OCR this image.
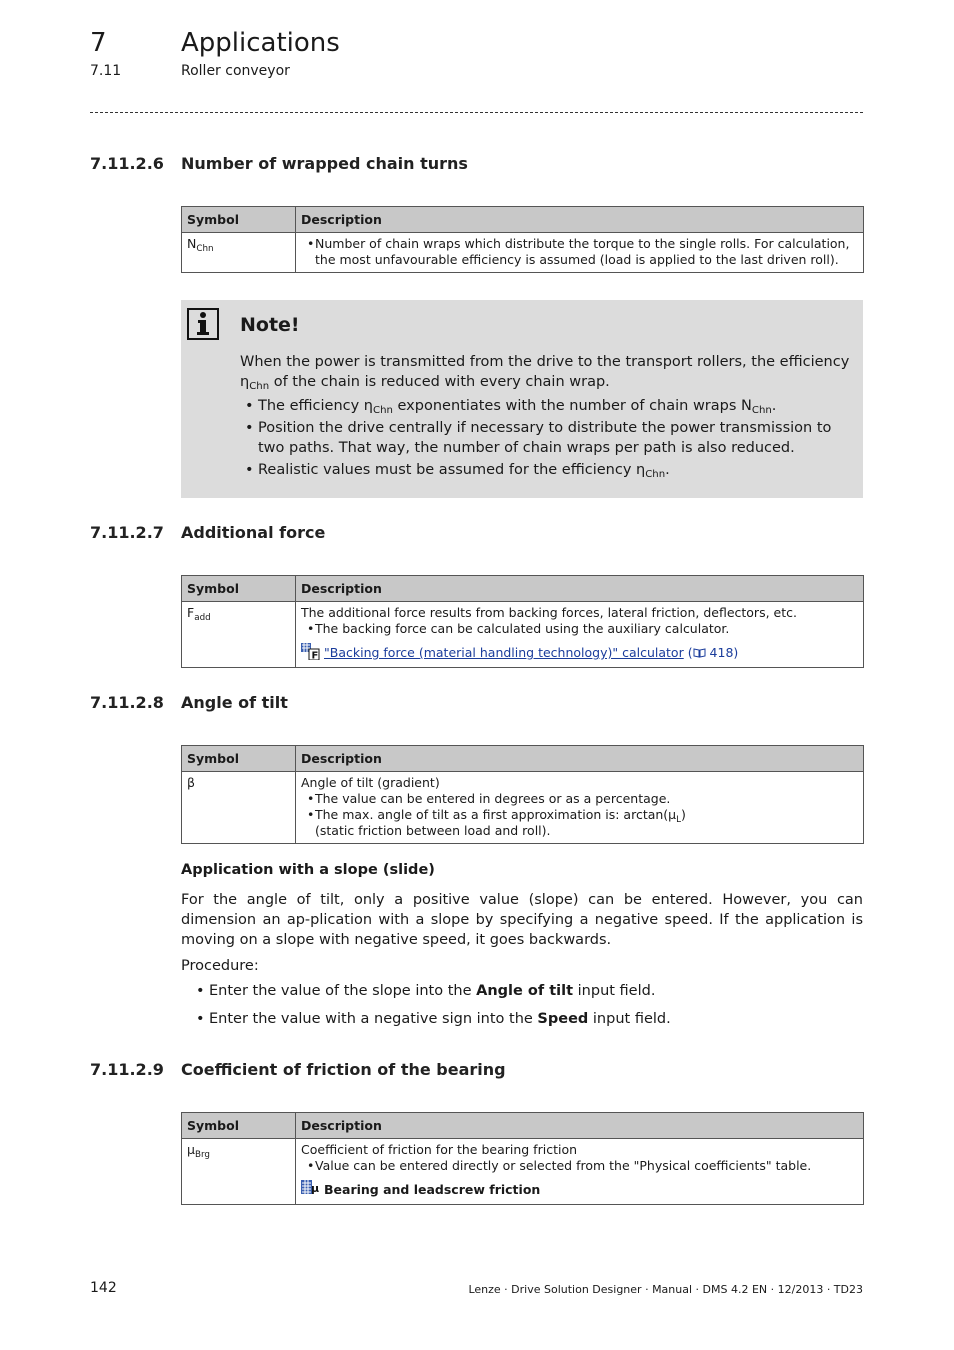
7	Applications
7.11	Roller conveyor
7.11.2.6 Number of wrapped chain turns
Symbol	Description
$N_{Chn}$	• Number of chain wraps which distribute the torque to the single rolls. For calculation, the most unfavourable efficiency is assumed (load is applied to the last driven roll).
Note!

When the power is transmitted from the drive to the transport rollers, the efficiency
$\eta_{Chn}$ of the chain is reduced with every chain wrap.

• The efficiency $\eta_{Chn}$ exponentiates with the number of chain wraps $N_{Chn}$.
• Position the drive centrally if necessary to distribute the power transmission to two paths. That way, the number of chain wraps per path is also reduced.
• Realistic values must be assumed for the efficiency $\eta_{Chn}$.
7.11.2.7 Additional force
Symbol	Description
$F_{add}$	The additional force results from backing forces, lateral friction, deflectors, etc.
• The backing force can be calculated using the auxiliary calculator.
F "Backing force (material handling technology)" calculator ( 418)
7.11.2.8 Angle of tilt
Symbol	Description
β	Angle of tilt (gradient)
• The value can be entered in degrees or as a percentage.
• The max. angle of tilt as a first approximation is: $\arctan(\mu_L)$
(static friction between load and roll).
Application with a slope (slide)
For the angle of tilt, only a positive value (slope) can be entered. However, you can dimension an ap-plication with a slope by specifying a negative speed. If the application is moving on a slope with negative speed, it goes backwards.
Procedure:
• Enter the value of the slope into the Angle of tilt input field.
• Enter the value with a negative sign into the Speed input field.
7.11.2.9 Coefficient of friction of the bearing
Symbol	Description
$\mu_{Brg}$	Coefficient of friction for the bearing friction
• Value can be entered directly or selected from the "Physical coefficients" table.
μ Bearing and leadscrew friction
142	Lenze · Drive Solution Designer · Manual · DMS 4.2 EN · 12/2013 · TD23
